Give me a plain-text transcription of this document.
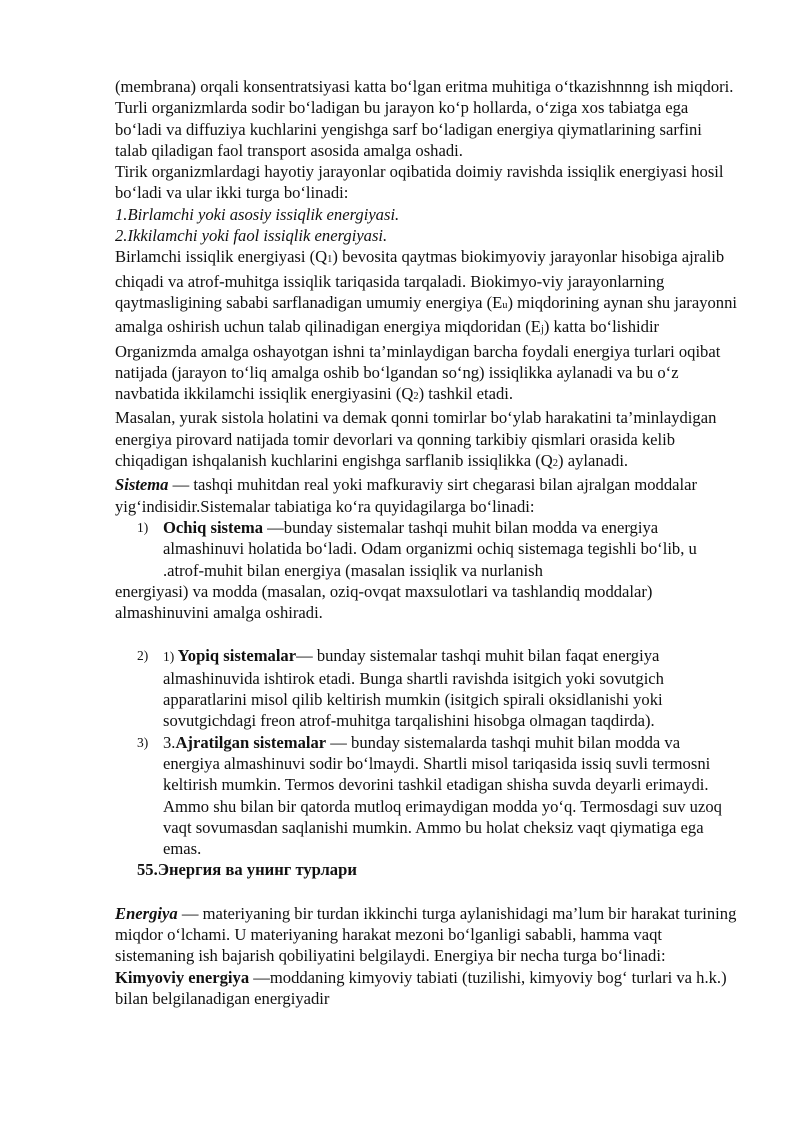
(membrana) orqali konsentratsiyasi katta bo‘lgan eritma muhitiga o‘tkazishnnng ish miqdori. Turli organizmlarda sodir bo‘ladigan bu jarayon ko‘p hollarda, o‘ziga xos tabiatga ega bo‘ladi va diffuziya kuchlarini yengishga sarf bo‘ladigan energiya qiymatlarining sarfini talab qiladigan faol transport asosida amalga oshadi.

Tirik organizmlardagi hayotiy jarayonlar oqibatida doimiy ravishda issiqlik energiyasi hosil bo‘ladi va ular ikki turga bo‘linadi:

1.Birlamchi yoki asosiy issiqlik energiyasi.

2.Ikkilamchi yoki faol issiqlik energiyasi.

Birlamchi issiqlik energiyasi (Q1) bevosita qaytmas biokimyoviy jarayonlar hisobiga ajralib chiqadi va atrof-muhitga issiqlik tariqasida tarqaladi. Biokimyo-viy jarayonlarning qaytmasligining sababi sarflanadigan umumiy energiya (Eu) miqdorining aynan shu jarayonni amalga oshirish uchun talab qilinadigan energiya miqdoridan (Ej) katta bo‘lishidir

Organizmda amalga oshayotgan ishni ta’minlaydigan barcha foydali energiya turlari oqibat natijada (jarayon to‘liq amalga oshib bo‘lgandan so‘ng) issiqlikka aylanadi va bu o‘z navbatida ikkilamchi issiqlik energiyasini (Q2) tashkil etadi.

Masalan, yurak sistola holatini va demak qonni tomirlar bo‘ylab harakatini ta’minlaydigan energiya pirovard natijada tomir devorlari va qonning tarkibiy qismlari orasida kelib chiqadigan ishqalanish kuchlarini engishga sarflanib issiqlikka (Q2) aylanadi.

Sistema — tashqi muhitdan real yoki mafkuraviy sirt chegarasi bilan ajralgan moddalar yig‘indisidir.Sistemalar tabiatiga ko‘ra quyidagilarga bo‘linadi:

1) Ochiq sistema —bunday sistemalar tashqi muhit bilan modda va energiya almashinuvi holatida bo‘ladi. Odam organizmi ochiq sistemaga tegishli bo‘lib, u .atrof-muhit bilan energiya (masalan issiqlik va nurlanish

energiyasi) va modda (masalan, oziq-ovqat maxsulotlari va tashlandiq moddalar) almashinuvini amalga oshiradi.

2) 1) Yopiq sistemalar— bunday sistemalar tashqi muhit bilan faqat energiya almashinuvida ishtirok etadi. Bunga shartli ravishda isitgich yoki sovutgich apparatlarini misol qilib keltirish mumkin (isitgich spirali oksidlanishi yoki sovutgichdagi freon atrof-muhitga tarqalishini hisobga olmagan taqdirda).
3) 3.Ajratilgan sistemalar — bunday sistemalarda tashqi muhit bilan modda va energiya almashinuvi sodir bo‘lmaydi. Shartli misol tariqasida issiq suvli termosni keltirish mumkin. Termos devorini tashkil etadigan shisha suvda deyarli erimaydi. Ammo shu bilan bir qatorda mutloq erimaydigan modda yo‘q. Termosdagi suv uzoq vaqt sovumasdan saqlanishi mumkin. Ammo bu holat cheksiz vaqt qiymatiga ega emas.

55.Энергия ва унинг турлари

Energiya — materiyaning bir turdan ikkinchi turga aylanishidagi ma’lum bir harakat turining miqdor o‘lchami. U materiyaning harakat mezoni bo‘lganligi sababli, hamma vaqt sistemaning ish bajarish qobiliyatini belgilaydi. Energiya bir necha turga bo‘linadi:

Kimyoviy energiya —moddaning kimyoviy tabiati (tuzilishi, kimyoviy bog‘ turlari va h.k.) bilan belgilanadigan energiyadir
